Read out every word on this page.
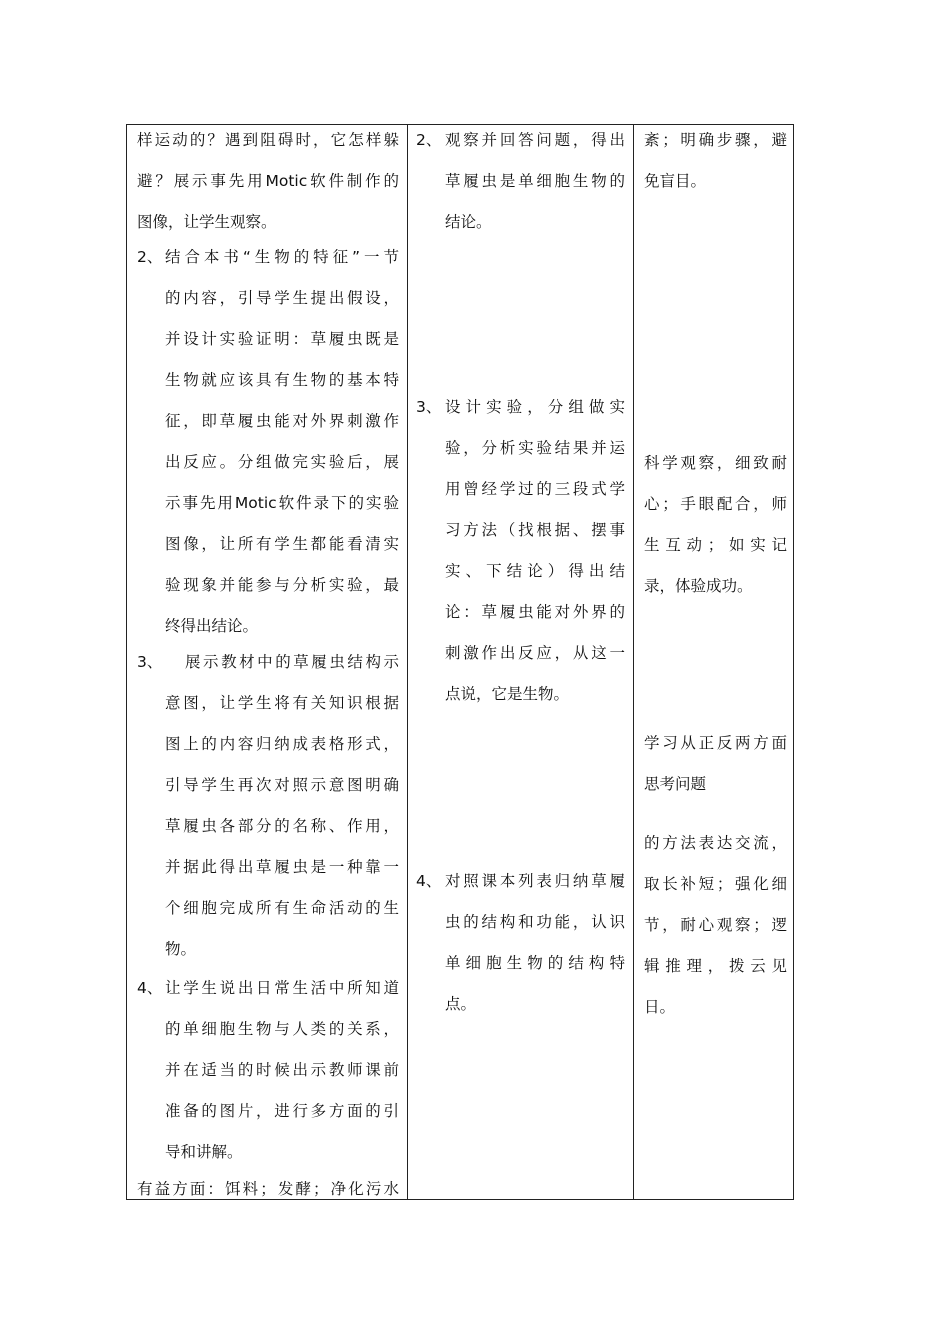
样运动的？遇到阻碍时，它怎样躲
避？展示事先用Motic软件制作的
图像，让学生观察。
2、 结合本书“生物的特征”一节
的内容，引导学生提出假设，
并设计实验证明：草履虫既是
生物就应该具有生物的基本特
征，即草履虫能对外界刺激作
出反应。分组做完实验后，展
示事先用Motic软件录下的实验
图像，让所有学生都能看清实
验现象并能参与分析实验，最
终得出结论。
3、 展示教材中的草履虫结构示
意图，让学生将有关知识根据
图上的内容归纳成表格形式，
引导学生再次对照示意图明确
草履虫各部分的名称、作用，
并据此得出草履虫是一种靠一
个细胞完成所有生命活动的生
物。
4、 让学生说出日常生活中所知道
的单细胞生物与人类的关系，
并在适当的时候出示教师课前
准备的图片，进行多方面的引
导和讲解。
有益方面：饵料；发酵；净化污水
2、 观察并回答问题，得出
草履虫是单细胞生物的
结论。
3、 设计实验，分组做实
验，分析实验结果并运
用曾经学过的三段式学
习方法（找根据、摆事
实、下结论）得出结
论：草履虫能对外界的
刺激作出反应，从这一
点说，它是生物。
4、 对照课本列表归纳草履
虫的结构和功能，认识
单细胞生物的结构特
点。
紊；明确步骤，避
免盲目。
科学观察，细致耐
心；手眼配合，师
生互动；如实记
录，体验成功。
学习从正反两方面
思考问题
的方法表达交流，
取长补短；强化细
节，耐心观察；逻
辑推理，拨云见
日。
